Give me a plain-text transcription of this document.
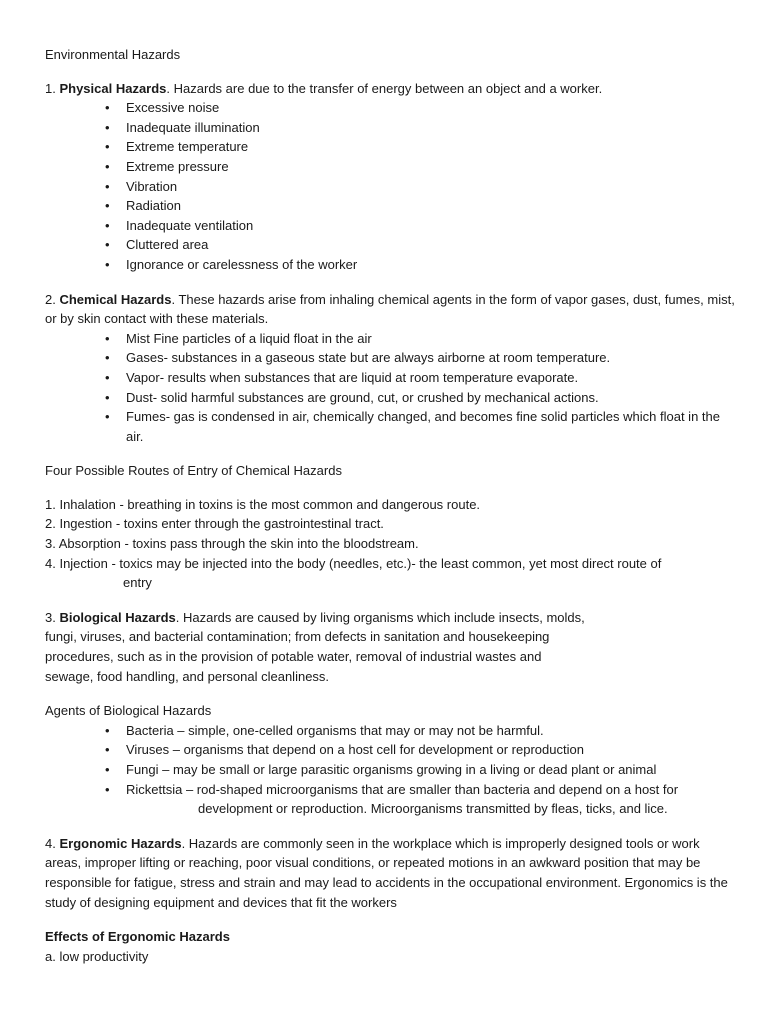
Environmental Hazards

1. Physical Hazards. Hazards are due to the transfer of energy between an object and a worker.

• Excessive noise
• Inadequate illumination
• Extreme temperature
• Extreme pressure
• Vibration
• Radiation
• Inadequate ventilation
• Cluttered area
• Ignorance or carelessness of the worker

2. Chemical Hazards. These hazards arise from inhaling chemical agents in the form of vapor gases, dust, fumes, mist, or by skin contact with these materials.

• Mist Fine particles of a liquid float in the air
• Gases- substances in a gaseous state but are always airborne at room temperature.
• Vapor- results when substances that are liquid at room temperature evaporate.
• Dust- solid harmful substances are ground, cut, or crushed by mechanical actions.
• Fumes- gas is condensed in air, chemically changed, and becomes fine solid particles which float in the air.

Four Possible Routes of Entry of Chemical Hazards

1. Inhalation - breathing in toxins is the most common and dangerous route.

2. Ingestion - toxins enter through the gastrointestinal tract.

3. Absorption - toxins pass through the skin into the bloodstream.

4. Injection - toxics may be injected into the body (needles, etc.)- the least common, yet most direct route of
entry

3. Biological Hazards. Hazards are caused by living organisms which include insects, molds, fungi, viruses, and bacterial contamination; from defects in sanitation and housekeeping procedures, such as in the provision of potable water, removal of industrial wastes and sewage, food handling, and personal cleanliness.

Agents of Biological Hazards

• Bacteria – simple, one-celled organisms that may or may not be harmful.
• Viruses – organisms that depend on a host cell for development or reproduction
• Fungi – may be small or large parasitic organisms growing in a living or dead plant or animal
• Rickettsia – rod-shaped microorganisms that are smaller than bacteria and depend on a host for
development or reproduction. Microorganisms transmitted by fleas, ticks, and lice.

4. Ergonomic Hazards. Hazards are commonly seen in the workplace which is improperly designed tools or work areas, improper lifting or reaching, poor visual conditions, or repeated motions in an awkward position that may be responsible for fatigue, stress and strain and may lead to accidents in the occupational environment. Ergonomics is the study of designing equipment and devices that fit the workers

Effects of Ergonomic Hazards

a. low productivity
